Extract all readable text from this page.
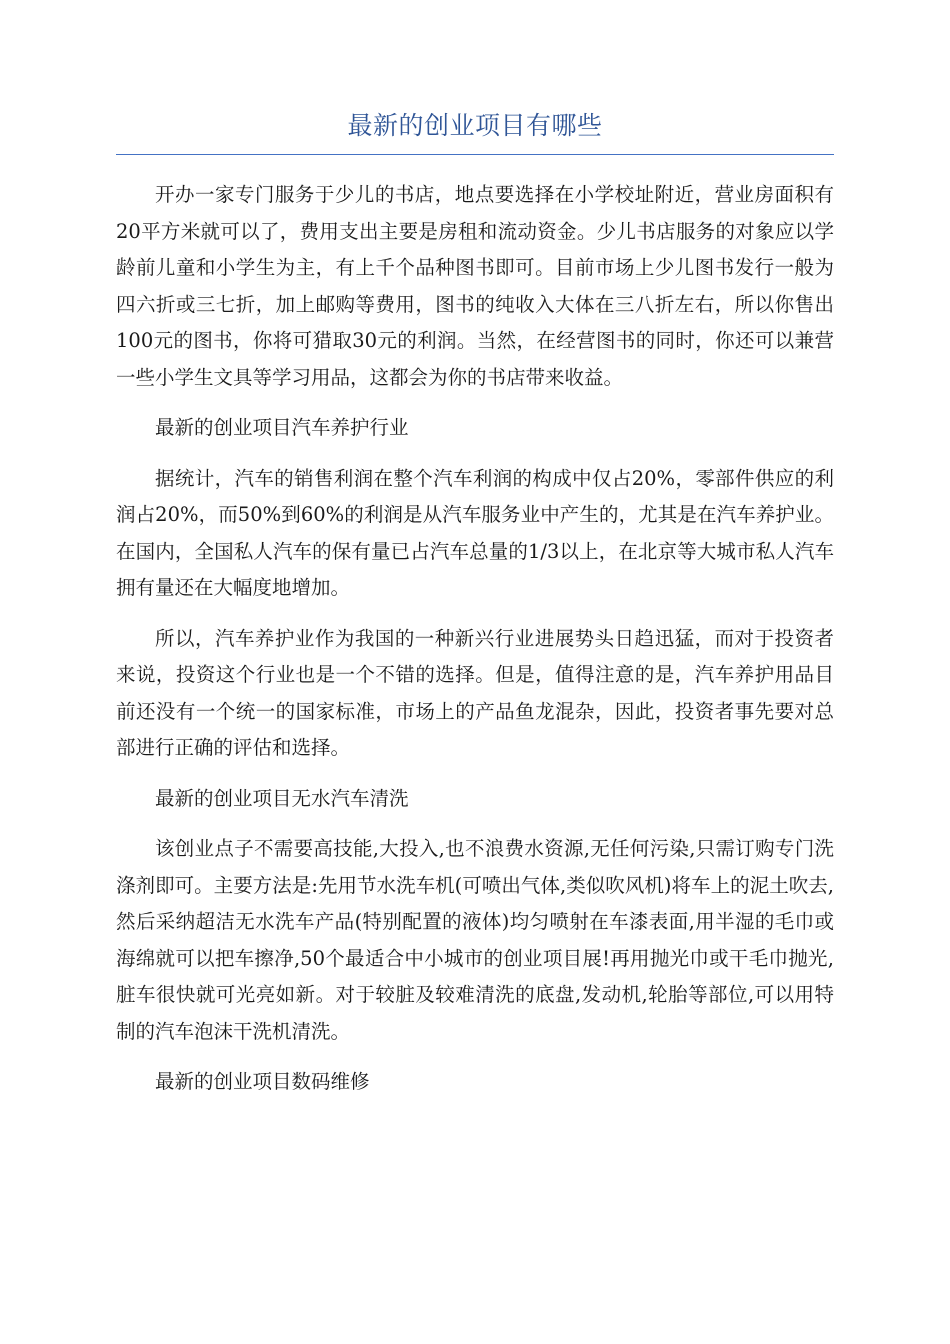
最新的创业项目有哪些

开办一家专门服务于少儿的书店，地点要选择在小学校址附近，营业房面积有20平方米就可以了，费用支出主要是房租和流动资金。少儿书店服务的对象应以学龄前儿童和小学生为主，有上千个品种图书即可。目前市场上少儿图书发行一般为四六折或三七折，加上邮购等费用，图书的纯收入大体在三八折左右，所以你售出100元的图书，你将可猎取30元的利润。当然，在经营图书的同时，你还可以兼营一些小学生文具等学习用品，这都会为你的书店带来收益。

最新的创业项目汽车养护行业

据统计，汽车的销售利润在整个汽车利润的构成中仅占20%，零部件供应的利润占20%，而50%到60%的利润是从汽车服务业中产生的，尤其是在汽车养护业。在国内，全国私人汽车的保有量已占汽车总量的1/3以上，在北京等大城市私人汽车拥有量还在大幅度地增加。

所以，汽车养护业作为我国的一种新兴行业进展势头日趋迅猛，而对于投资者来说，投资这个行业也是一个不错的选择。但是，值得注意的是，汽车养护用品目前还没有一个统一的国家标准，市场上的产品鱼龙混杂，因此，投资者事先要对总部进行正确的评估和选择。

最新的创业项目无水汽车清洗

该创业点子不需要高技能,大投入,也不浪费水资源,无任何污染,只需订购专门洗涤剂即可。主要方法是:先用节水洗车机(可喷出气体,类似吹风机)将车上的泥土吹去,然后采纳超洁无水洗车产品(特别配置的液体)均匀喷射在车漆表面,用半湿的毛巾或海绵就可以把车擦净,50个最适合中小城市的创业项目展!再用抛光巾或干毛巾抛光,脏车很快就可光亮如新。对于较脏及较难清洗的底盘,发动机,轮胎等部位,可以用特制的汽车泡沫干洗机清洗。

最新的创业项目数码维修
